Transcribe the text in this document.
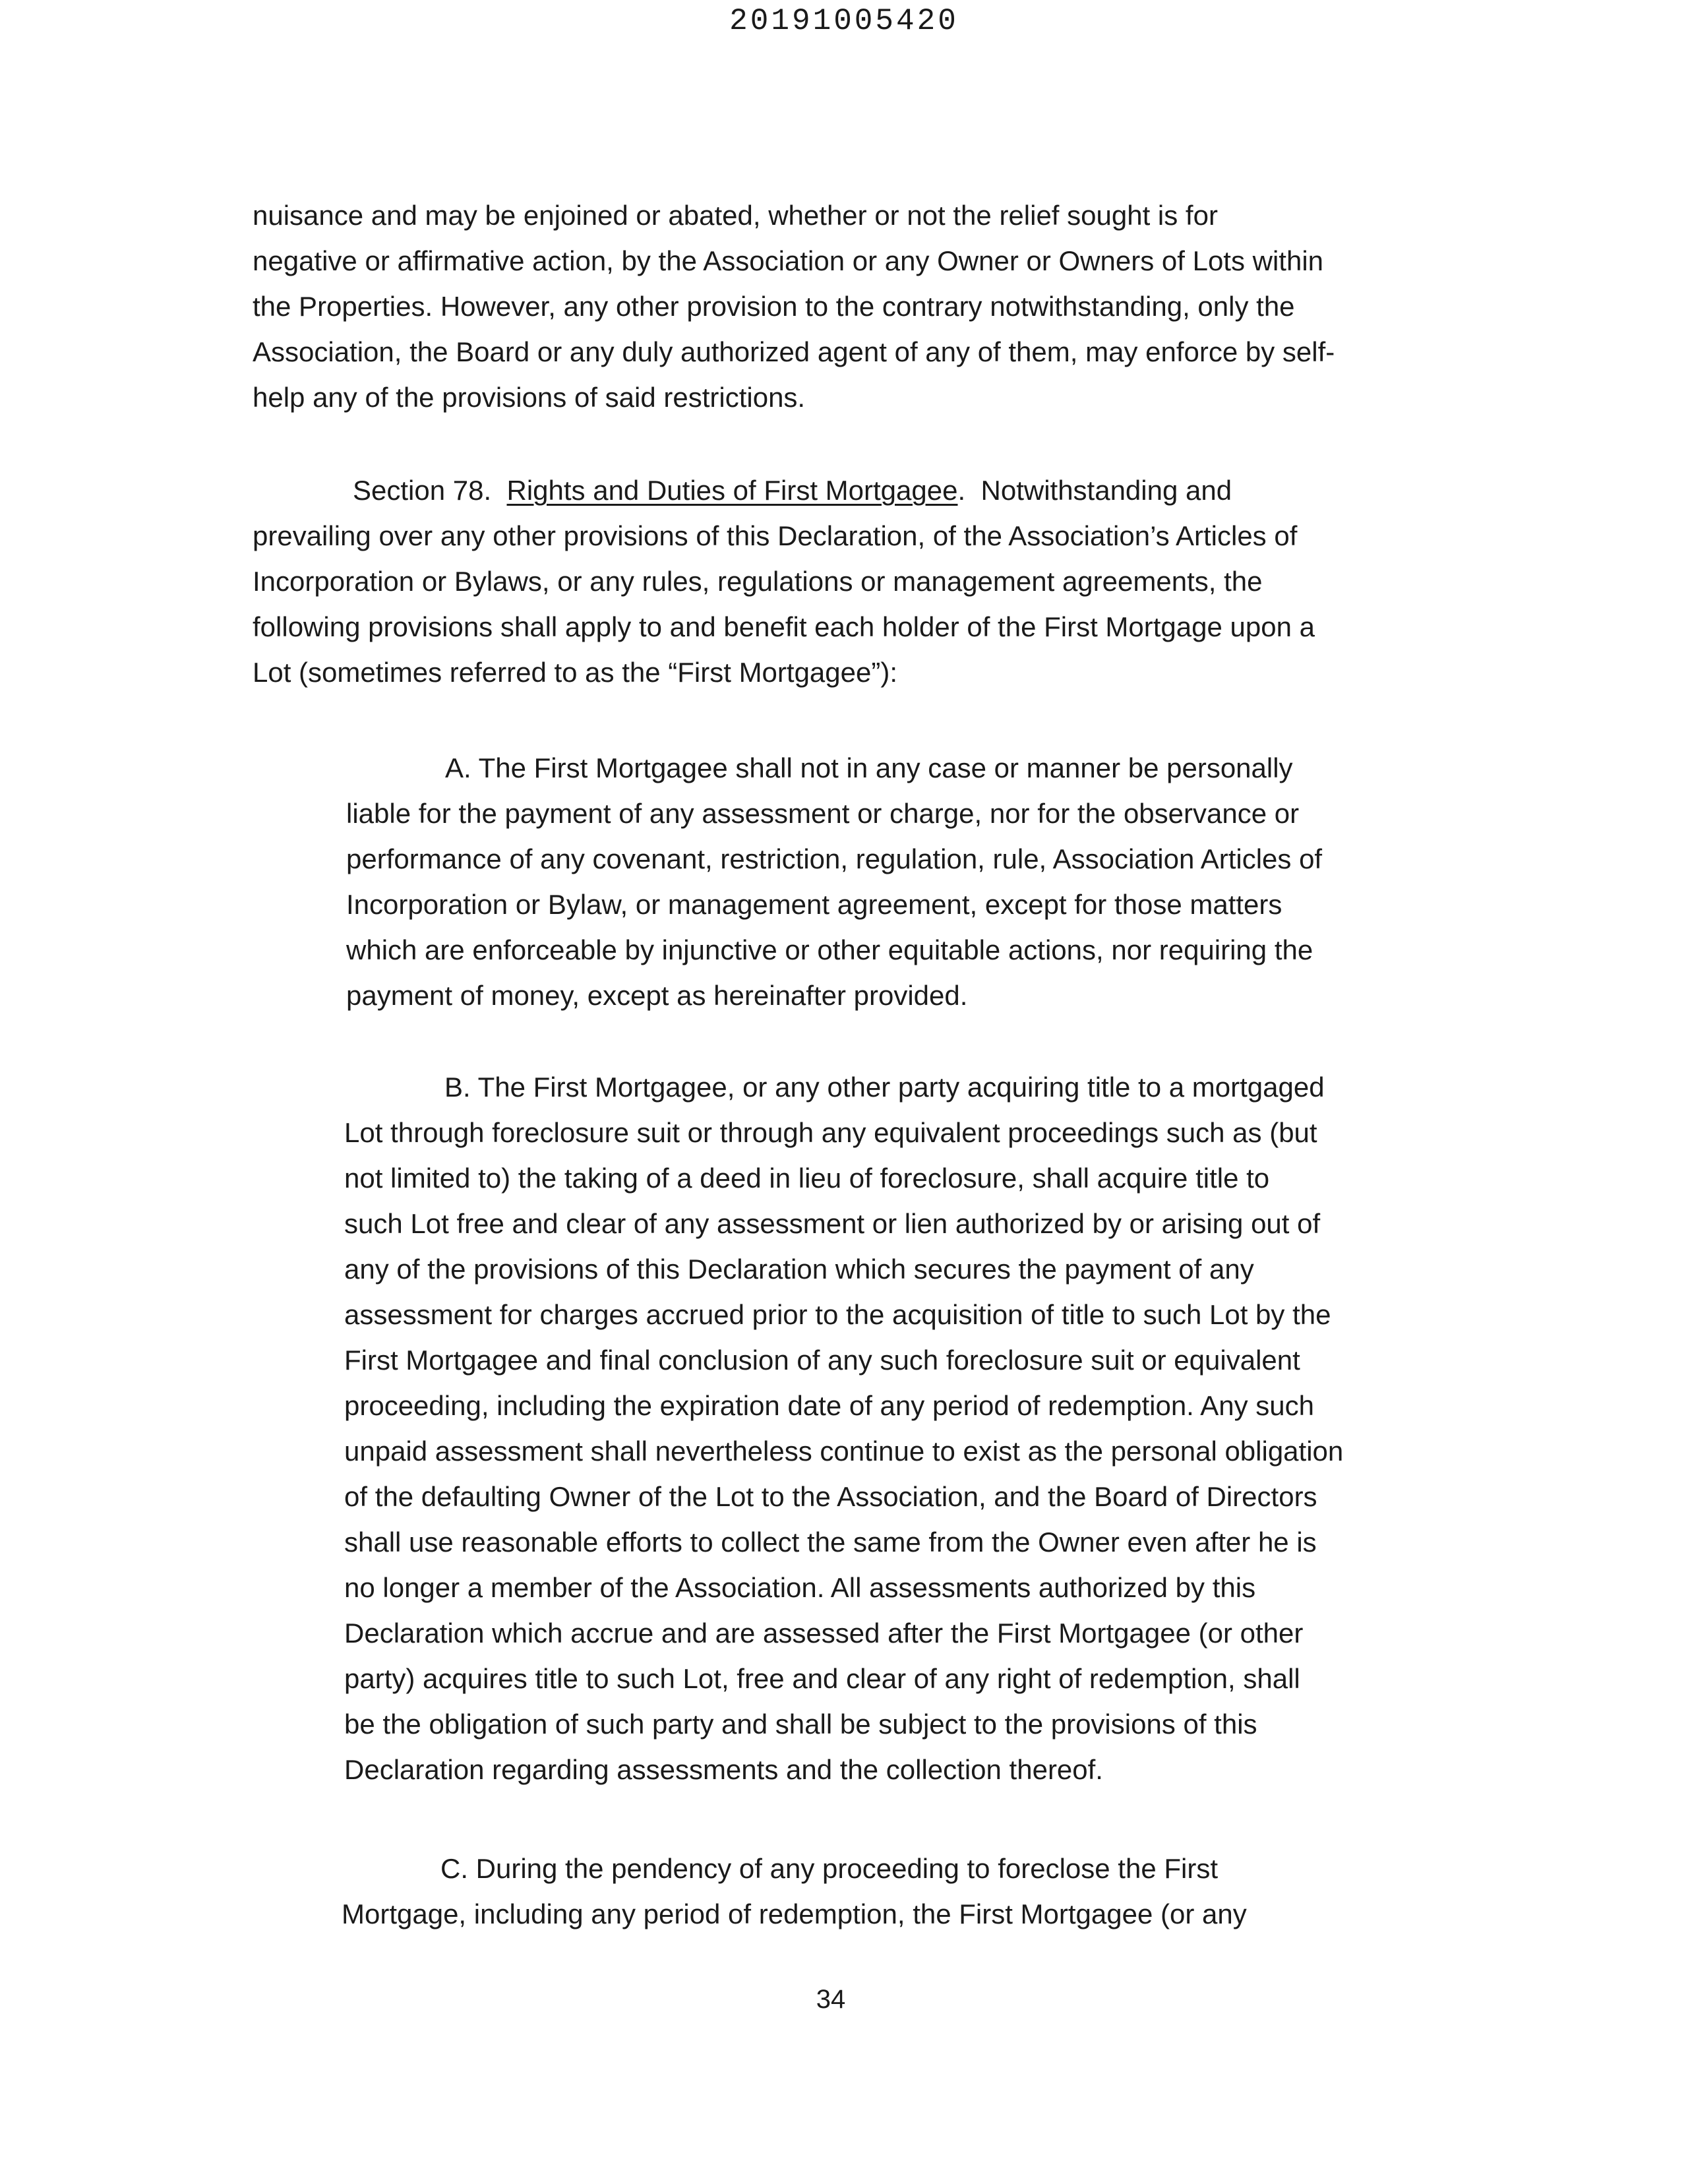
20191005420
nuisance and may be enjoined or abated, whether or not the relief sought is for
negative or affirmative action, by the Association or any Owner or Owners of Lots within
the Properties. However, any other provision to the contrary notwithstanding, only the
Association, the Board or any duly authorized agent of any of them, may enforce by self-
help any of the provisions of said restrictions.
Section 78. Rights and Duties of First Mortgagee. Notwithstanding and
prevailing over any other provisions of this Declaration, of the Association’s Articles of
Incorporation or Bylaws, or any rules, regulations or management agreements, the
following provisions shall apply to and benefit each holder of the First Mortgage upon a
Lot (sometimes referred to as the “First Mortgagee”):
A. The First Mortgagee shall not in any case or manner be personally
liable for the payment of any assessment or charge, nor for the observance or
performance of any covenant, restriction, regulation, rule, Association Articles of
Incorporation or Bylaw, or management agreement, except for those matters
which are enforceable by injunctive or other equitable actions, nor requiring the
payment of money, except as hereinafter provided.
B. The First Mortgagee, or any other party acquiring title to a mortgaged
Lot through foreclosure suit or through any equivalent proceedings such as (but
not limited to) the taking of a deed in lieu of foreclosure, shall acquire title to
such Lot free and clear of any assessment or lien authorized by or arising out of
any of the provisions of this Declaration which secures the payment of any
assessment for charges accrued prior to the acquisition of title to such Lot by the
First Mortgagee and final conclusion of any such foreclosure suit or equivalent
proceeding, including the expiration date of any period of redemption. Any such
unpaid assessment shall nevertheless continue to exist as the personal obligation
of the defaulting Owner of the Lot to the Association, and the Board of Directors
shall use reasonable efforts to collect the same from the Owner even after he is
no longer a member of the Association. All assessments authorized by this
Declaration which accrue and are assessed after the First Mortgagee (or other
party) acquires title to such Lot, free and clear of any right of redemption, shall
be the obligation of such party and shall be subject to the provisions of this
Declaration regarding assessments and the collection thereof.
C. During the pendency of any proceeding to foreclose the First
Mortgage, including any period of redemption, the First Mortgagee (or any
34
